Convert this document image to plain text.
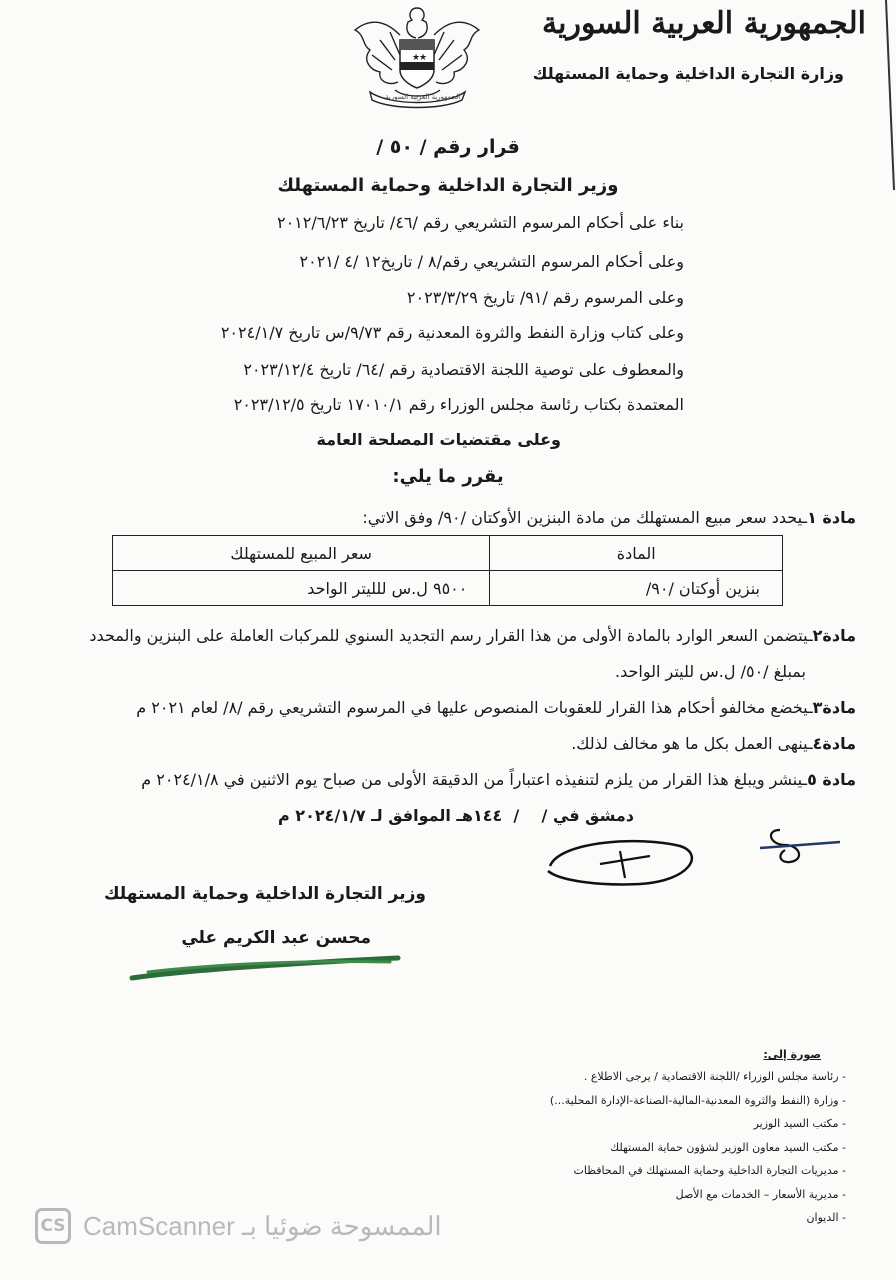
★
★
الجمهورية العربية السورية
الجمهورية العربية السورية
وزارة التجارة الداخلية وحماية المستهلك
قرار رقم / ٥٠ /
وزير التجارة الداخلية وحماية المستهلك
بناء على أحكام المرسوم التشريعي رقم /٤٦/ تاريخ ٢٠١٢/٦/٢٣
وعلى أحكام المرسوم التشريعي رقم/٨ / تاريخ١٢ /٤ /٢٠٢١
وعلى المرسوم رقم /٩١/ تاريخ ٢٠٢٣/٣/٢٩
وعلى كتاب وزارة النفط والثروة المعدنية رقم ٩/٧٣/س تاريخ ٢٠٢٤/١/٧
والمعطوف على توصية اللجنة الاقتصادية رقم /٦٤/ تاريخ ٢٠٢٣/١٢/٤
المعتمدة بكتاب رئاسة مجلس الوزراء رقم ١٧٠١٠/١ تاريخ ٢٠٢٣/١٢/٥
وعلى مقتضيات المصلحة العامة
يقرر ما يلي:
مادة ١ـيحدد سعر مبيع المستهلك من مادة البنزين الأوكتان /٩٠/ وفق الاتي:
المادة	سعر المبيع للمستهلك
بنزين أوكتان /٩٠/	٩٥٠٠ ل.س للليتر الواحد
مادة٢ـيتضمن السعر الوارد بالمادة الأولى من هذا القرار رسم التجديد السنوي للمركبات العاملة على البنزين والمحدد
بمبلغ /٥٠/ ل.س لليتر الواحد.
مادة٣ـيخضع مخالفو أحكام هذا القرار للعقوبات المنصوص عليها في المرسوم التشريعي رقم /٨/ لعام ٢٠٢١ م
مادة٤ـينهى العمل بكل ما هو مخالف لذلك.
مادة ٥ـينشر ويبلغ هذا القرار من يلزم لتنفيذه اعتباراً من الدقيقة الأولى من صباح يوم الاثنين في ٢٠٢٤/١/٨ م
دمشق في /    /  ١٤٤هـ الموافق لـ ٢٠٢٤/١/٧ م
وزير التجارة الداخلية وحماية المستهلك
محسن عبد الكريم علي
صورة إلى:
- رئاسة مجلس الوزراء /اللجنة الاقتصادية / يرجى الاطلاع .
- وزارة (النفط والثروة المعدنية-المالية-الصناعة-الإدارة المحلية...)
- مكتب السيد الوزير
- مكتب السيد معاون الوزير لشؤون حماية المستهلك
- مديريات التجارة الداخلية وحماية المستهلك في المحافظات
- مديرية الأسعار – الخدمات مع الأصل
- الديوان
CS CamScanner الممسوحة ضوئيا بـ
